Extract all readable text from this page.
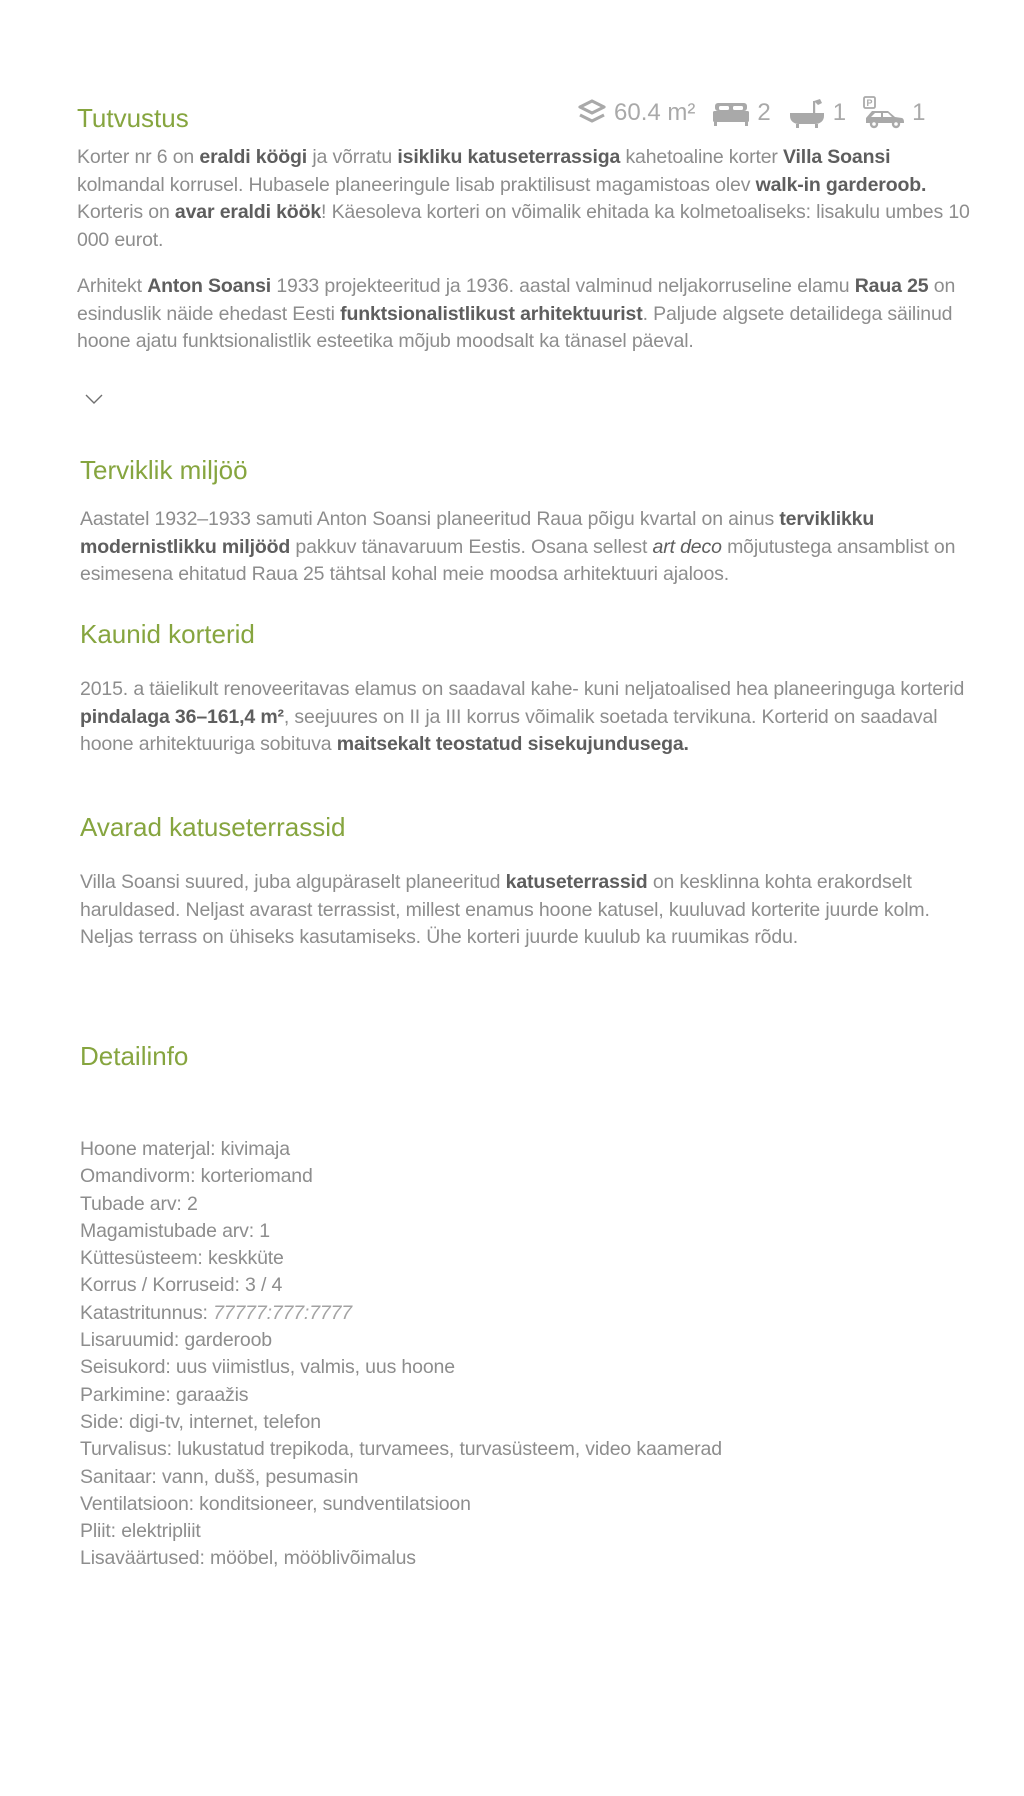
Tutvustus	60.4 m²	2	1 P 1

Korter nr 6 on eraldi köögi ja võrratu isikliku katuseterrassiga kahetoaline korter Villa Soansi kolmandal korrusel. Hubasele planeeringule lisab praktilisust magamistoas olev walk-in garderoob. Korteris on avar eraldi köök! Käesoleva korteri on võimalik ehitada ka kolmetoaliseks: lisakulu umbes 10 000 eurot.

Arhitekt Anton Soansi 1933 projekteeritud ja 1936. aastal valminud neljakorruseline elamu Raua 25 on esinduslik näide ehedast Eesti funktsionalistlikust arhitektuurist. Paljude algsete detailidega säilinud hoone ajatu funktsionalistlik esteetika mõjub moodsalt ka tänasel päeval.

Terviklik miljöö

Aastatel 1932–1933 samuti Anton Soansi planeeritud Raua põigu kvartal on ainus terviklikku modernistlikku miljööd pakkuv tänavaruum Eestis. Osana sellest art deco mõjutustega ansamblist on esimesena ehitatud Raua 25 tähtsal kohal meie moodsa arhitektuuri ajaloos.

Kaunid korterid

2015. a täielikult renoveeritavas elamus on saadaval kahe- kuni neljatoalised hea planeeringuga korterid pindalaga 36–161,4 m², seejuures on II ja III korrus võimalik soetada tervikuna. Korterid on saadaval hoone arhitektuuriga sobituva maitsekalt teostatud sisekujundusega.

Avarad katuseterrassid

Villa Soansi suured, juba algupäraselt planeeritud katuseterrassid on kesklinna kohta erakordselt haruldased. Neljast avarast terrassist, millest enamus hoone katusel, kuuluvad korterite juurde kolm. Neljas terrass on ühiseks kasutamiseks. Ühe korteri juurde kuulub ka ruumikas rõdu.

Detailinfo
Hoone materjal: kivimaja
Omandivorm: korteriomand
Tubade arv: 2
Magamistubade arv: 1
Küttesüsteem: keskküte
Korrus / Korruseid: 3 / 4
Katastritunnus: 77777:777:7777
Lisaruumid: garderoob
Seisukord: uus viimistlus, valmis, uus hoone
Parkimine: garaažis
Side: digi-tv, internet, telefon
Turvalisus: lukustatud trepikoda, turvamees, turvasüsteem, video kaamerad
Sanitaar: vann, dušš, pesumasin
Ventilatsioon: konditsioneer, sundventilatsioon
Pliit: elektripliit
Lisaväärtused: mööbel, mööblivõimalus
